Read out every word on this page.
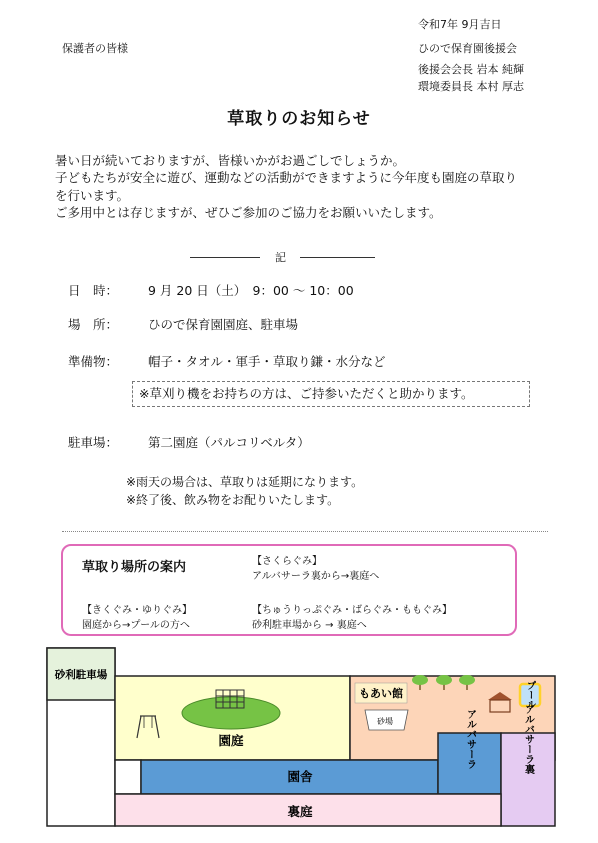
保護者の皆様
令和7年 9月吉日
ひので保育園後援会
後援会会長 岩本 純輝
環境委員長 本村 厚志
草取りのお知らせ
暑い日が続いておりますが、皆様いかがお過ごしでしょうか。
子どもたちが安全に遊び、運動などの活動ができますように今年度も園庭の草取り
を行います。
ご多用中とは存じますが、ぜひご参加のご協力をお願いいたします。
記
日　時： 9 月 20 日（土）　9：00 ～ 10：00
場　所： ひので保育園園庭、駐車場
準備物： 帽子・タオル・軍手・草取り鎌・水分など
※草刈り機をお持ちの方は、ご持参いただくと助かります。
駐車場： 第二園庭（パルコリベルタ）
※雨天の場合は、草取りは延期になります。
※終了後、飲み物をお配りいたします。
草取り場所の案内	【さくらぐみ】
アルバサーラ裏から→裏庭へ
【きくぐみ・ゆりぐみ】
園庭から→プールの方へ
【ちゅうりっぷぐみ・ばらぐみ・ももぐみ】
砂利駐車場から → 裏庭へ
砂利駐車場
園庭
もあい館
砂場
プール
園舎
アルバサーラ	アルバサーラ裏
裏庭
